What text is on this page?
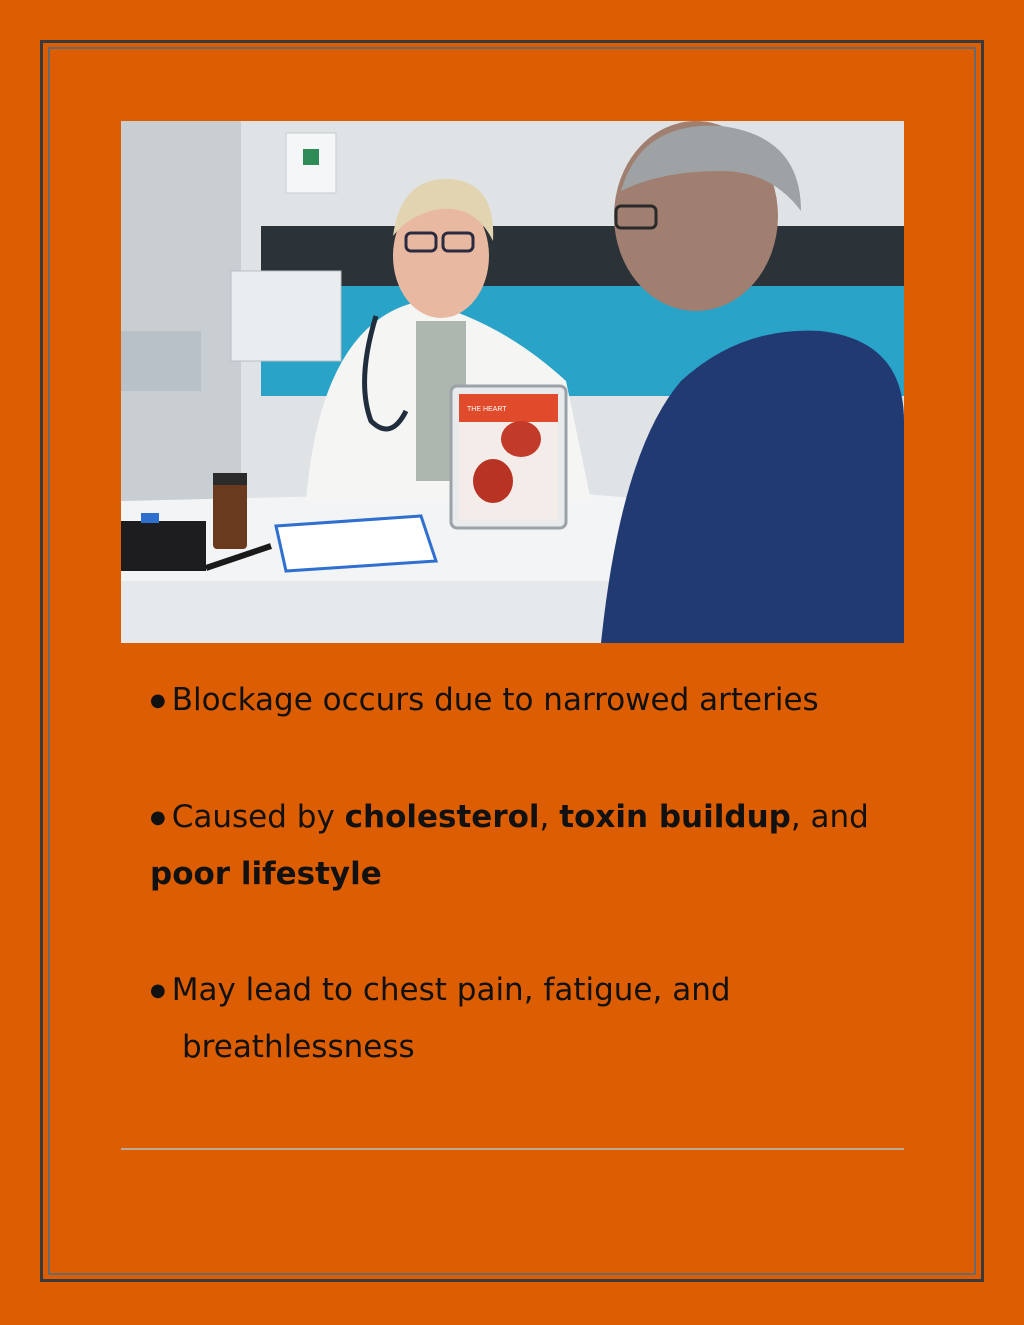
THE HEART

● Blockage occurs due to narrowed arteries

● Caused by cholesterol, toxin buildup, and
poor lifestyle

● May lead to chest pain, fatigue, and
breathlessness
